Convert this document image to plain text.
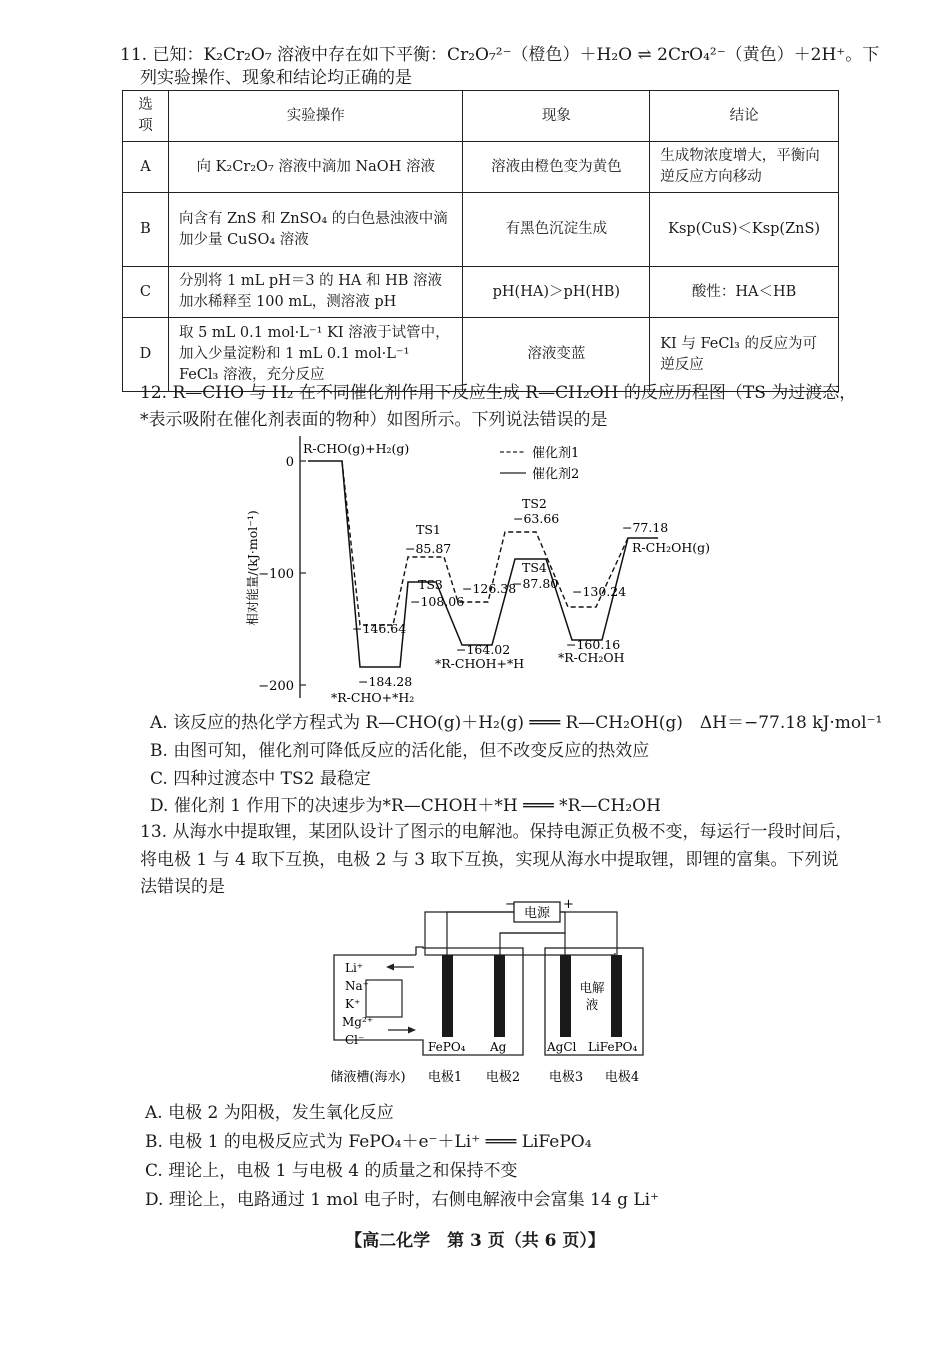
11. 已知：K₂Cr₂O₇ 溶液中存在如下平衡：Cr₂O₇²⁻（橙色）＋H₂O ⇌ 2CrO₄²⁻（黄色）＋2H⁺。下
列实验操作、现象和结论均正确的是
选项	实验操作	现象	结论
A	向 K₂Cr₂O₇ 溶液中滴加 NaOH 溶液	溶液由橙色变为黄色	生成物浓度增大，平衡向逆反应方向移动
B	向含有 ZnS 和 ZnSO₄ 的白色悬浊液中滴加少量 CuSO₄ 溶液	有黑色沉淀生成	Ksp(CuS)＜Ksp(ZnS)
C	分别将 1 mL pH＝3 的 HA 和 HB 溶液加水稀释至 100 mL，测溶液 pH	pH(HA)＞pH(HB)	酸性：HA＜HB
D	取 5 mL 0.1 mol·L⁻¹ KI 溶液于试管中，加入少量淀粉和 1 mL 0.1 mol·L⁻¹ FeCl₃ 溶液，充分反应	溶液变蓝	KI 与 FeCl₃ 的反应为可逆反应
12. R—CHO 与 H₂ 在不同催化剂作用下反应生成 R—CH₂OH 的反应历程图（TS 为过渡态，
*表示吸附在催化剂表面的物种）如图所示。下列说法错误的是
0
−100
−200
相对能量/(kJ·mol⁻¹)
催化剂1
催化剂2
R-CHO(g)+H₂(g)
TS1
−85.87
TS2
−63.66
TS3
−108.06
TS4
−87.80
−146.64
−184.28
*R-CHO+*H₂
−126.38
−164.02
*R-CHOH+*H
−130.24
−160.16
*R-CH₂OH
−77.18
R-CH₂OH(g)
A. 该反应的热化学方程式为 R—CHO(g)＋H₂(g) ═══ R—CH₂OH(g)　ΔH＝−77.18 kJ·mol⁻¹
B. 由图可知，催化剂可降低反应的活化能，但不改变反应的热效应
C. 四种过渡态中 TS2 最稳定
D. 催化剂 1 作用下的决速步为*R—CHOH＋*H ═══ *R—CH₂OH
13. 从海水中提取锂，某团队设计了图示的电解池。保持电源正负极不变，每运行一段时间后，
将电极 1 与 4 取下互换，电极 2 与 3 取下互换，实现从海水中提取锂，即锂的富集。下列说
法错误的是
电源
−	+
Li⁺
Na⁺
K⁺
Mg²⁺
Cl⁻	FePO₄ Ag
电解
液
AgCl LiFePO₄
储液槽(海水) 电极1 电极2 电极3 电极4
A. 电极 2 为阳极，发生氧化反应
B. 电极 1 的电极反应式为 FePO₄＋e⁻＋Li⁺ ═══ LiFePO₄
C. 理论上，电极 1 与电极 4 的质量之和保持不变
D. 理论上，电路通过 1 mol 电子时，右侧电解液中会富集 14 g Li⁺
【高二化学　第 3 页（共 6 页）】
